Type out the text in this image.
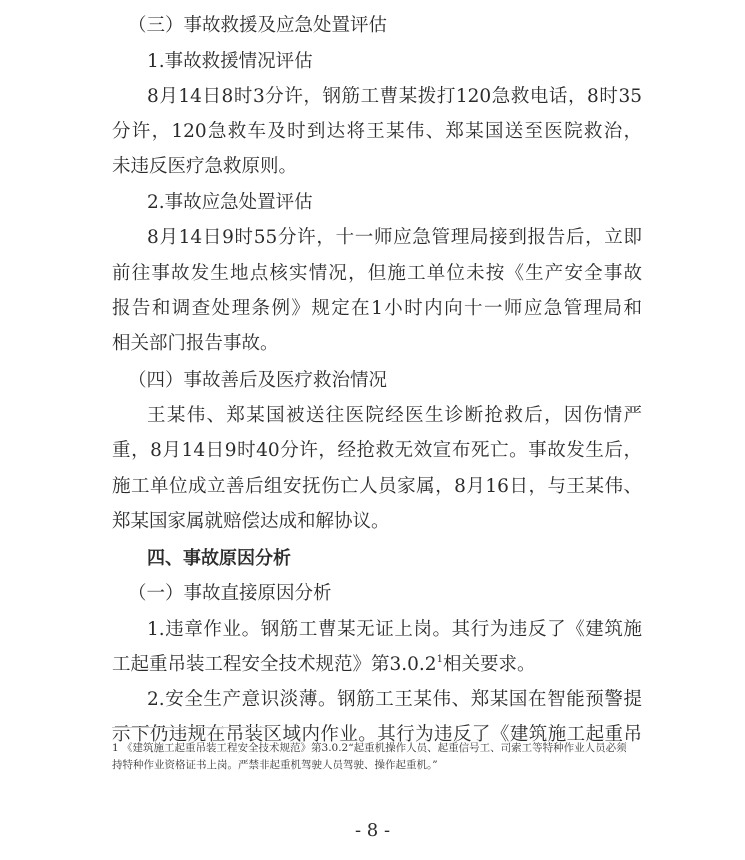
（三）事故救援及应急处置评估
1.事故救援情况评估
8月14日8时3分许，钢筋工曹某拨打120急救电话，8时35
分许，120急救车及时到达将王某伟、郑某国送至医院救治，
未违反医疗急救原则。
2.事故应急处置评估
8月14日9时55分许，十一师应急管理局接到报告后，立即
前往事故发生地点核实情况，但施工单位未按《生产安全事故
报告和调查处理条例》规定在1小时内向十一师应急管理局和
相关部门报告事故。
（四）事故善后及医疗救治情况
王某伟、郑某国被送往医院经医生诊断抢救后，因伤情严
重，8月14日9时40分许，经抢救无效宣布死亡。事故发生后，
施工单位成立善后组安抚伤亡人员家属，8月16日，与王某伟、
郑某国家属就赔偿达成和解协议。
四、事故原因分析
（一）事故直接原因分析
1.违章作业。钢筋工曹某无证上岗。其行为违反了《建筑施
工起重吊装工程安全技术规范》第3.0.2$^1$相关要求。
2.安全生产意识淡薄。钢筋工王某伟、郑某国在智能预警提
示下仍违规在吊装区域内作业。其行为违反了《建筑施工起重吊
1 《建筑施工起重吊装工程安全技术规范》第3.0.2“起重机操作人员、起重信号工、司索工等特种作业人员必须
持特种作业资格证书上岗。严禁非起重机驾驶人员驾驶、操作起重机。”
- 8 -
